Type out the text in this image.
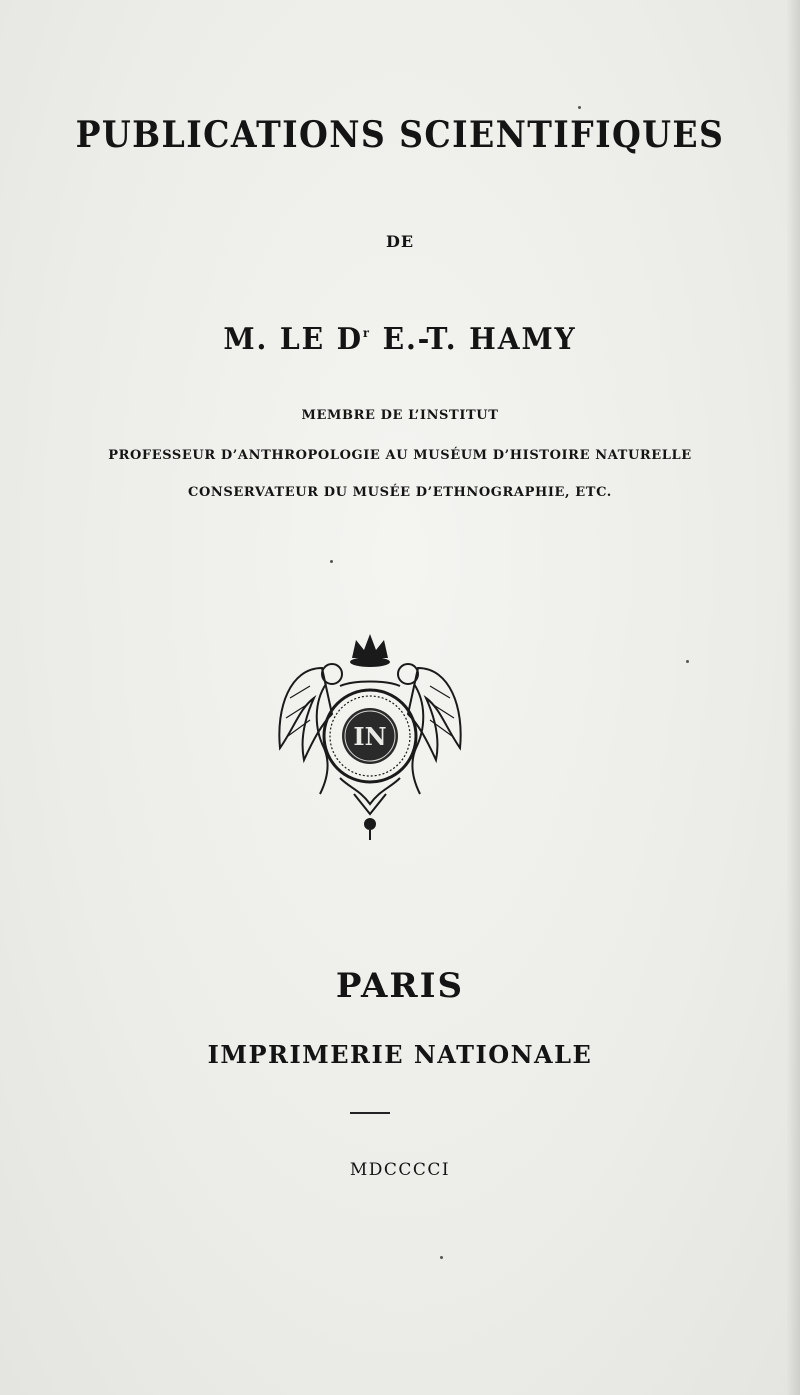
PUBLICATIONS SCIENTIFIQUES
DE
M. LE $D^r$ E.-T. HAMY
MEMBRE DE L’INSTITUT
PROFESSEUR D’ANTHROPOLOGIE AU MUSÉUM D’HISTOIRE NATURELLE
CONSERVATEUR DU MUSÉE D’ETHNOGRAPHIE, ETC.
IN
PARIS
IMPRIMERIE NATIONALE
MDCCCCI
